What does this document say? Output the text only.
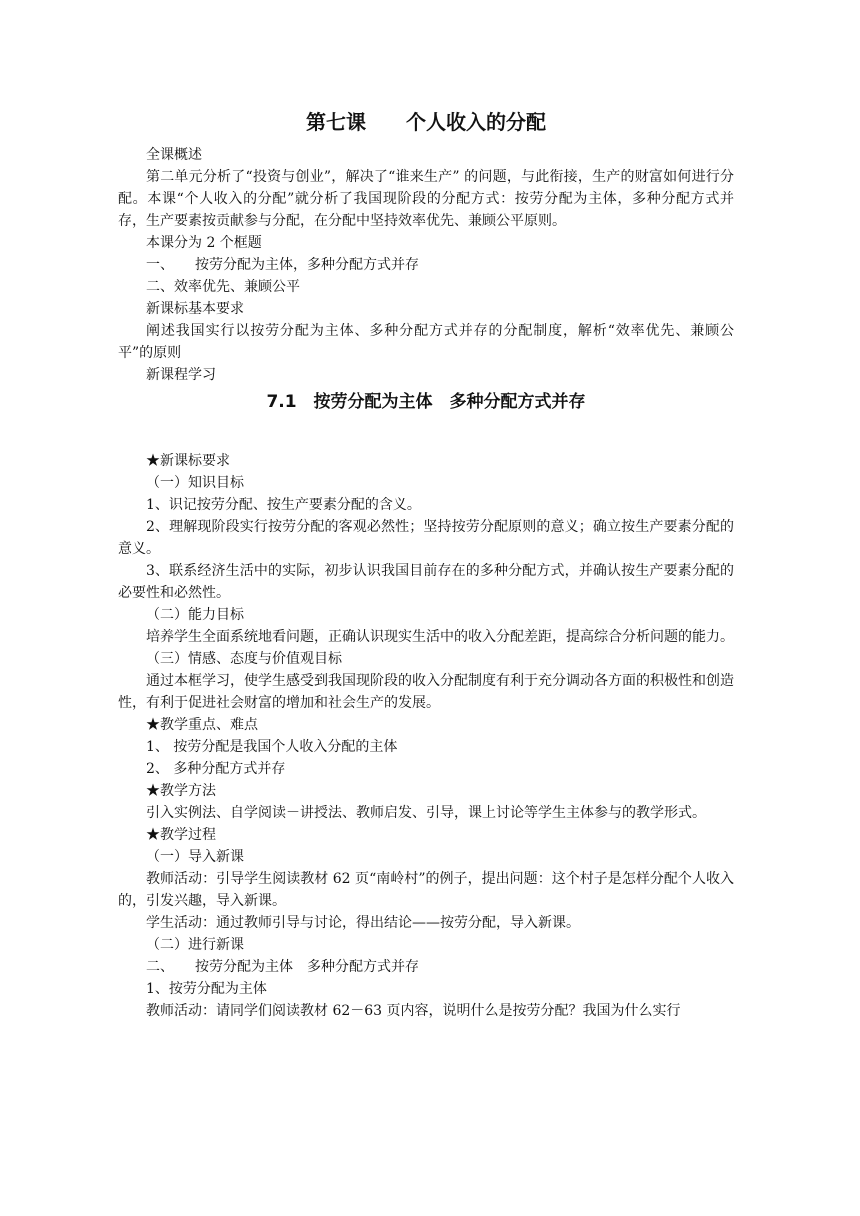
第七课　　个人收入的分配

全课概述

第二单元分析了“投资与创业”，解决了“谁来生产” 的问题，与此衔接，生产的财富如何进行分配。本课“个人收入的分配”就分析了我国现阶段的分配方式：按劳分配为主体，多种分配方式并存，生产要素按贡献参与分配，在分配中坚持效率优先、兼顾公平原则。

本课分为 2 个框题

一、　　按劳分配为主体，多种分配方式并存

二、效率优先、兼顾公平

新课标基本要求

阐述我国实行以按劳分配为主体、多种分配方式并存的分配制度，解析“效率优先、兼顾公平”的原则

新课程学习

7.1　按劳分配为主体　多种分配方式并存

★新课标要求

（一）知识目标

1、识记按劳分配、按生产要素分配的含义。

2、理解现阶段实行按劳分配的客观必然性；坚持按劳分配原则的意义；确立按生产要素分配的意义。

3、联系经济生活中的实际，初步认识我国目前存在的多种分配方式，并确认按生产要素分配的必要性和必然性。

（二）能力目标

培养学生全面系统地看问题，正确认识现实生活中的收入分配差距，提高综合分析问题的能力。

（三）情感、态度与价值观目标

通过本框学习，使学生感受到我国现阶段的收入分配制度有利于充分调动各方面的积极性和创造性，有利于促进社会财富的增加和社会生产的发展。

★教学重点、难点

1、 按劳分配是我国个人收入分配的主体

2、 多种分配方式并存

★教学方法

引入实例法、自学阅读－讲授法、教师启发、引导，课上讨论等学生主体参与的教学形式。

★教学过程

（一）导入新课

教师活动：引导学生阅读教材 62 页“南岭村”的例子，提出问题：这个村子是怎样分配个人收入的，引发兴趣，导入新课。

学生活动：通过教师引导与讨论，得出结论——按劳分配，导入新课。

（二）进行新课

二、　　按劳分配为主体　多种分配方式并存

1、按劳分配为主体

教师活动：请同学们阅读教材 62－63 页内容，说明什么是按劳分配？我国为什么实行
